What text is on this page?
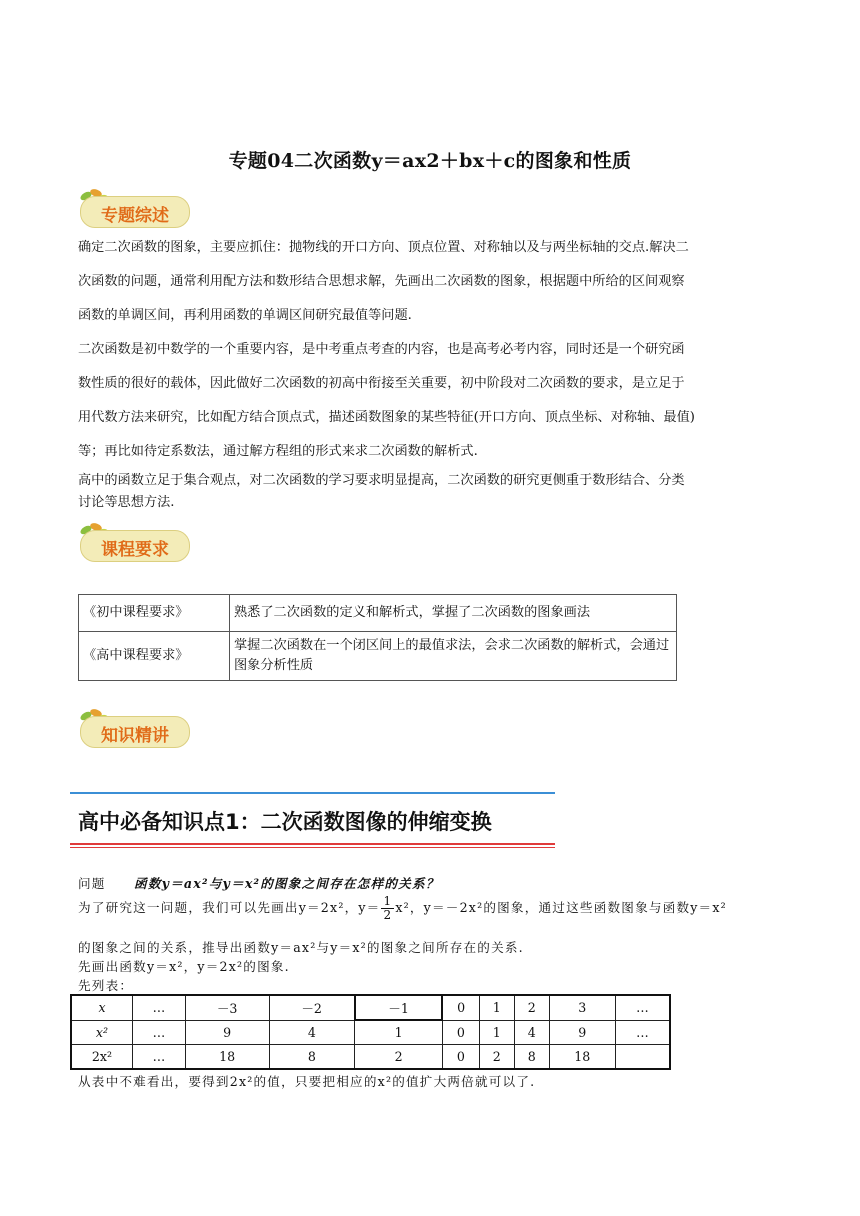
专题04二次函数y＝ax2＋bx＋c的图象和性质
专题综述

确定二次函数的图象，主要应抓住：抛物线的开口方向、顶点位置、对称轴以及与两坐标轴的交点.解决二

次函数的问题，通常利用配方法和数形结合思想求解，先画出二次函数的图象，根据题中所给的区间观察

函数的单调区间，再利用函数的单调区间研究最值等问题.

二次函数是初中数学的一个重要内容，是中考重点考查的内容，也是高考必考内容，同时还是一个研究函

数性质的很好的载体，因此做好二次函数的初高中衔接至关重要，初中阶段对二次函数的要求，是立足于

用代数方法来研究，比如配方结合顶点式，描述函数图象的某些特征(开口方向、顶点坐标、对称轴、最值)

等；再比如待定系数法，通过解方程组的形式来求二次函数的解析式.

高中的函数立足于集合观点，对二次函数的学习要求明显提高，二次函数的研究更侧重于数形结合、分类

讨论等思想方法.

课程要求
《初中课程要求》	熟悉了二次函数的定义和解析式，掌握了二次函数的图象画法
《高中课程要求》	掌握二次函数在一个闭区间上的最值求法，会求二次函数的解析式，会通过图象分析性质
知识精讲
高中必备知识点1：二次函数图像的伸缩变换
问题 函数y＝ax²与y＝x²的图象之间存在怎样的关系？
为了研究这一问题，我们可以先画出y＝2x²，$y= \frac{1}{2} x^2$，y＝－2x²的图象，通过这些函数图象与函数y＝x²
的图象之间的关系，推导出函数y＝ax²与y＝x²的图象之间所存在的关系.
先画出函数y＝x²，y＝2x²的图象.
先列表：
x	…	－3	－2	－1	0	1	2	3	…
x²	…	9	4	1	0	1	4	9	…
2x²	…	18	8	2	0	2	8	18	
从表中不难看出，要得到2x²的值，只要把相应的x²的值扩大两倍就可以了.
